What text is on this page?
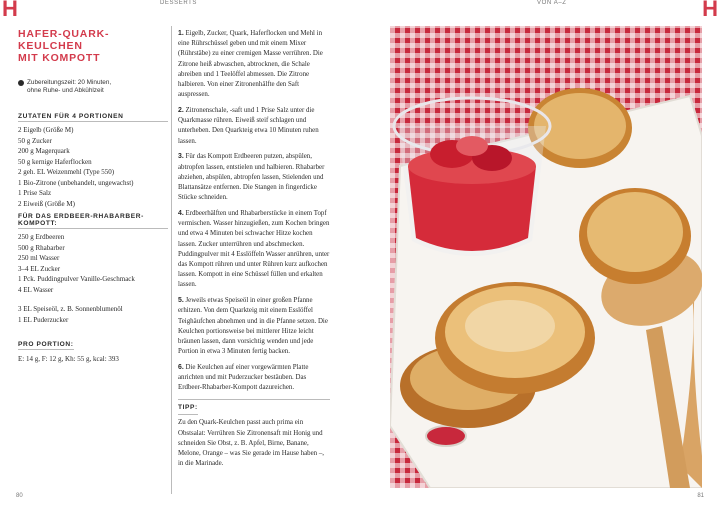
H	DESSERTS	VON A–Z	H
HAFER-QUARK-KEULCHEN
MIT KOMPOTT
Zubereitungszeit: 20 Minuten,
ohne Ruhe- und Abkühlzeit

ZUTATEN FÜR 4 PORTIONEN

2 Eigelb (Größe M)
50 g Zucker
200 g Magerquark
50 g kernige Haferflocken
2 geh. EL Weizenmehl (Type 550)
1 Bio-Zitrone (unbehandelt, ungewachst)
1 Prise Salz
2 Eiweiß (Größe M)

FÜR DAS ERDBEER-RHABARBER-KOMPOTT:

250 g Erdbeeren
500 g Rhabarber
250 ml Wasser
3–4 EL Zucker
1 Pck. Puddingpulver Vanille-Geschmack
4 EL Wasser
3 EL Speiseöl, z. B. Sonnenblumenöl
1 EL Puderzucker

PRO PORTION:

E: 14 g, F: 12 g, Kh: 55 g, kcal: 393

1. Eigelb, Zucker, Quark, Haferflocken und Mehl in eine Rührschüssel geben und mit einem Mixer (Rührstäbe) zu einer cremigen Masse verrühren. Die Zitrone heiß abwaschen, abtrocknen, die Schale abreiben und 1 Teelöffel abmessen. Die Zitrone halbieren. Von einer Zitronenhälfte den Saft auspressen.

2. Zitronenschale, -saft und 1 Prise Salz unter die Quarkmasse rühren. Eiweiß steif schlagen und unterheben. Den Quarkteig etwa 10 Minuten ruhen lassen.

3. Für das Kompott Erdbeeren putzen, abspülen, abtropfen lassen, entstielen und halbieren. Rhabarber abziehen, abspülen, abtropfen lassen, Stielenden und Blattansätze entfernen. Die Stangen in fingerdicke Stücke schneiden.

4. Erdbeerhälften und Rhabarberstücke in einem Topf vermischen. Wasser hinzugießen, zum Kochen bringen und etwa 4 Minuten bei schwacher Hitze kochen lassen. Zucker unterrühren und abschmecken. Puddingpulver mit 4 Esslöffeln Wasser anrühren, unter das Kompott rühren und unter Rühren kurz aufkochen lassen. Kompott in eine Schüssel füllen und erkalten lassen.

5. Jeweils etwas Speiseöl in einer großen Pfanne erhitzen. Von dem Quarkteig mit einem Esslöffel Teighäufchen abnehmen und in die Pfanne setzen. Die Keulchen portionsweise bei mittlerer Hitze leicht bräunen lassen, dann vorsichtig wenden und jede Portion in etwa 3 Minuten fertig backen.

6. Die Keulchen auf einer vorgewärmten Platte anrichten und mit Puderzucker bestäuben. Das Erdbeer-Rhabarber-Kompott dazureichen.

TIPP:

Zu den Quark-Keulchen passt auch prima ein Obstsalat: Verrühren Sie Zitronensaft mit Honig und schneiden Sie Obst, z. B. Apfel, Birne, Banane, Melone, Orange – was Sie gerade im Hause haben –, in die Marinade.

80	81
